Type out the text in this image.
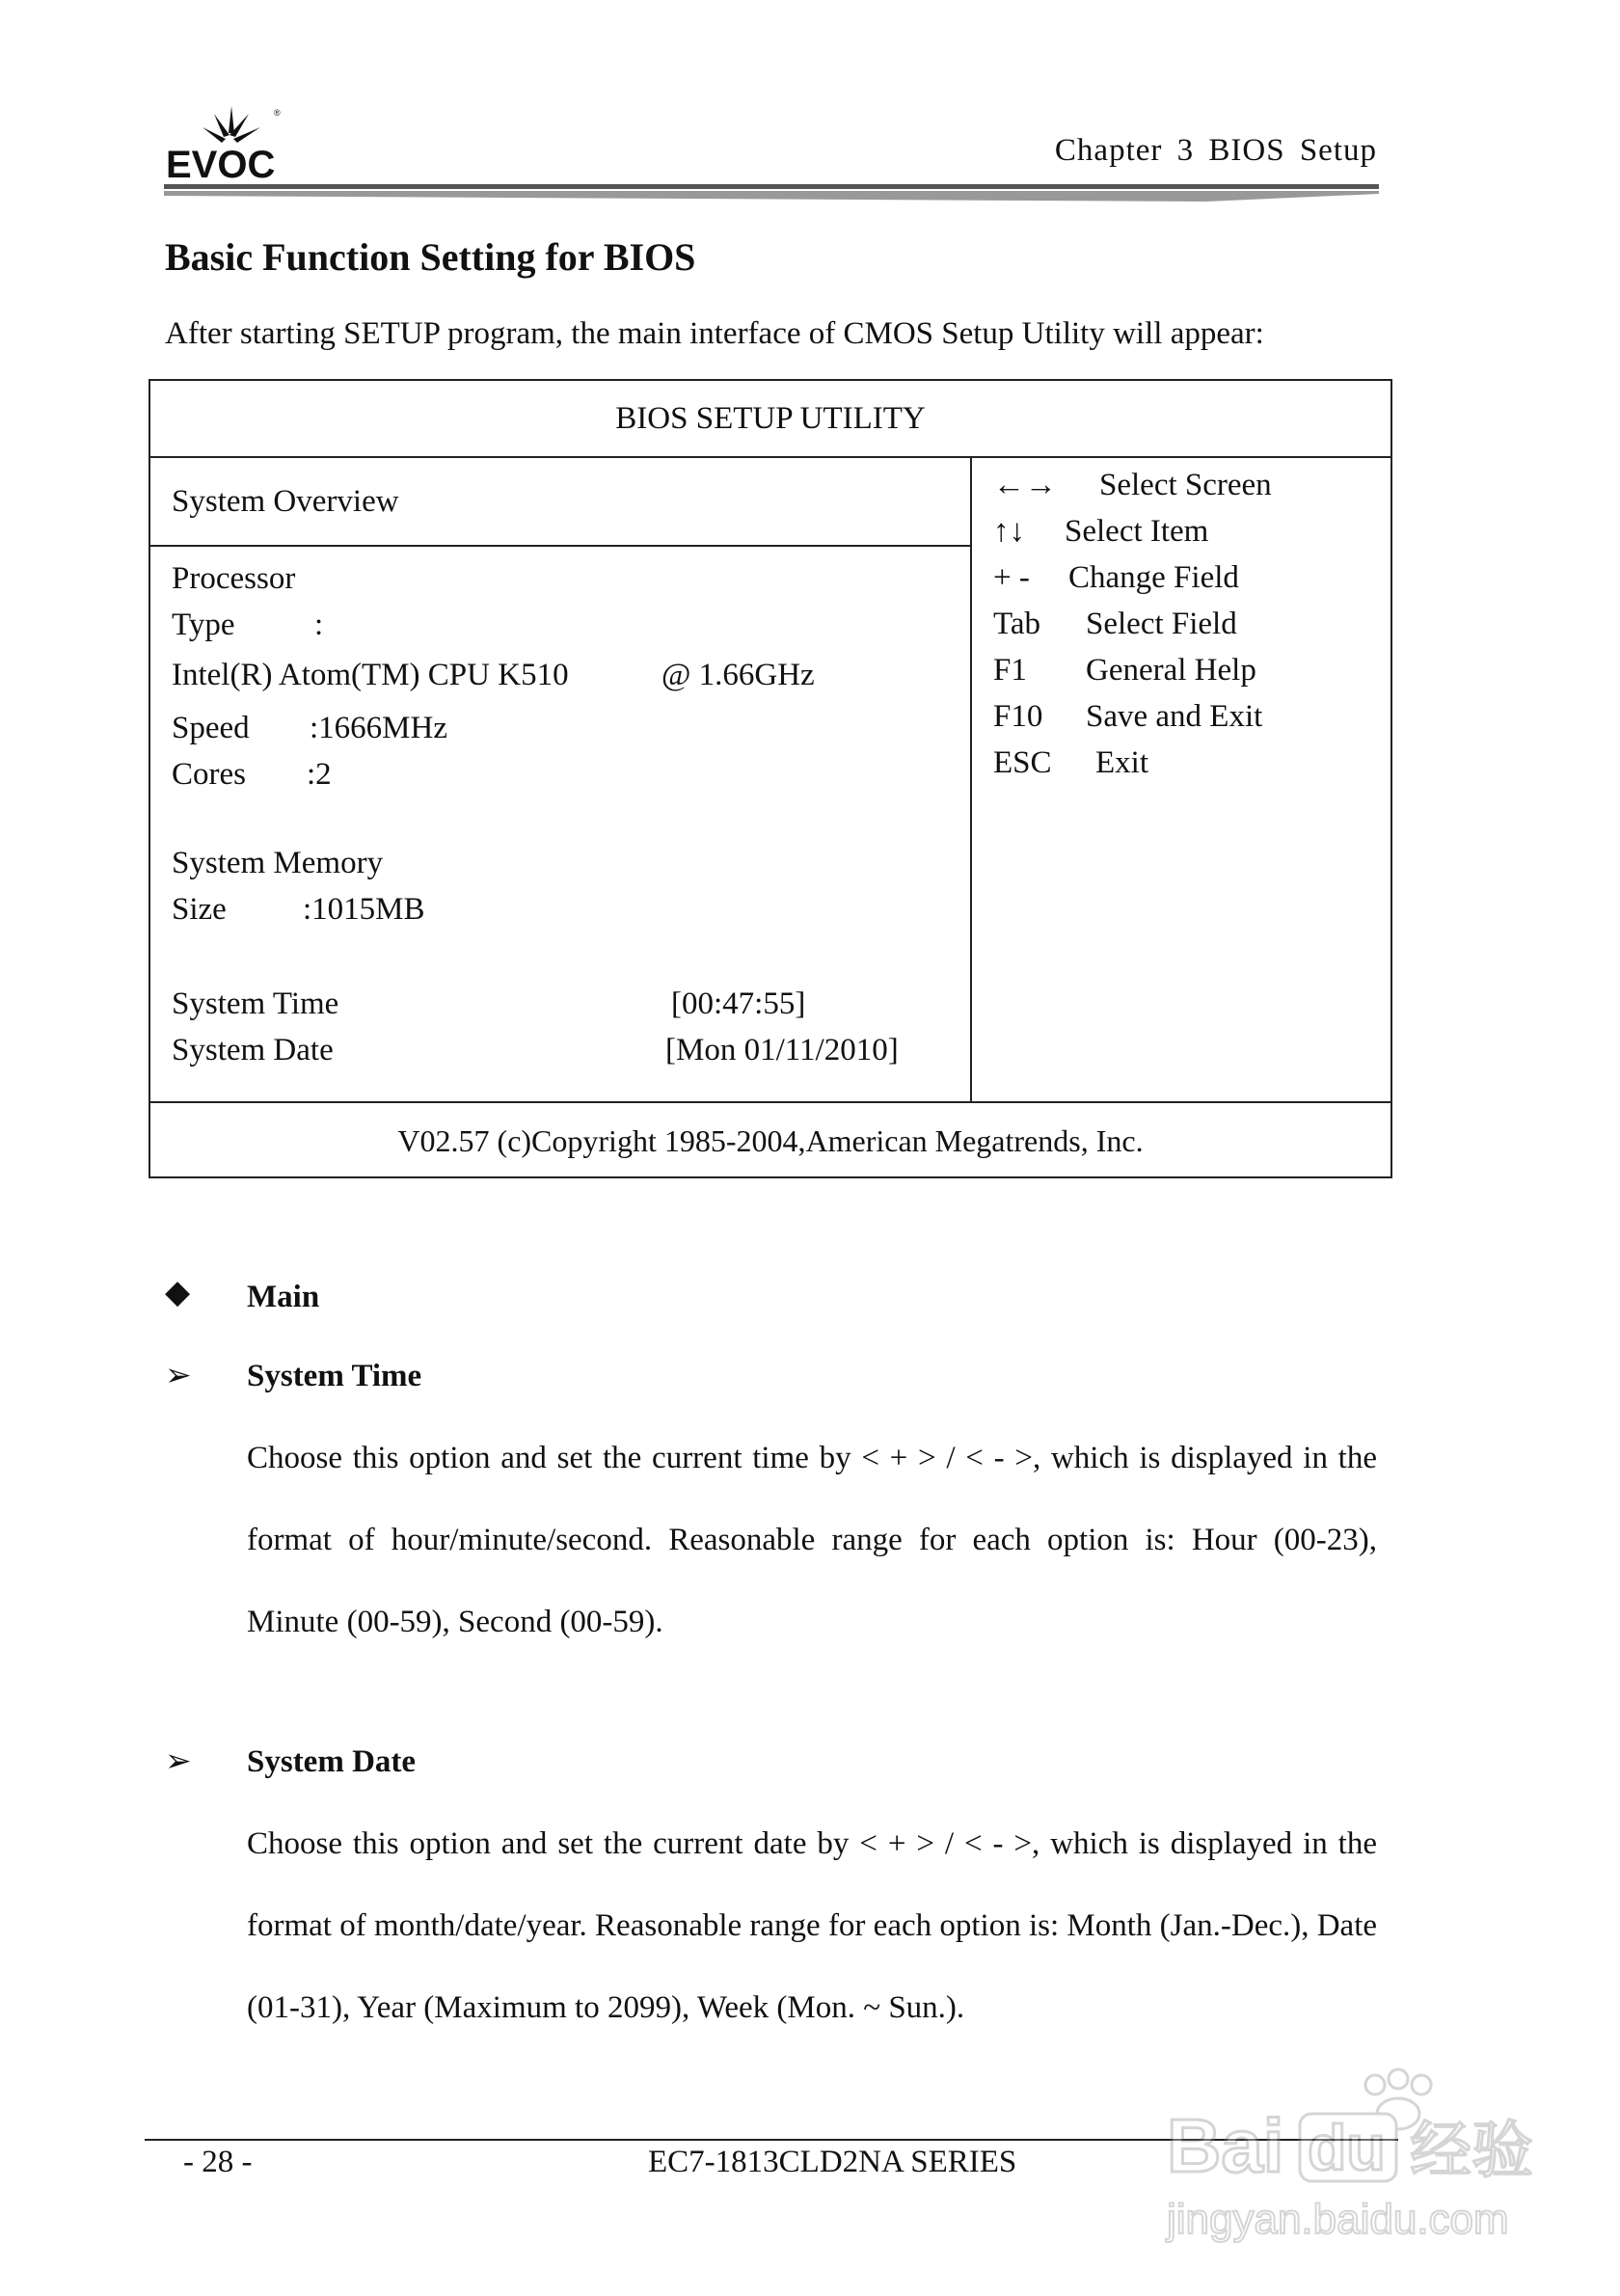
®
EVOC	Chapter 3 BIOS Setup
Basic Function Setting for BIOS
After starting SETUP program, the main interface of CMOS Setup Utility will appear:
BIOS SETUP UTILITY
System Overview
Processor
Type :
Intel(R) Atom(TM) CPU K510	@ 1.66GHz
Speed :1666MHz
Cores :2
System Memory
Size :1015MB
System Time	[00:47:55]
System Date	[Mon 01/11/2010]
←→ Select Screen
↑↓ Select Item
+ - Change Field
Tab Select Field
F1 General Help
F10 Save and Exit
ESC Exit
V02.57 (c)Copyright 1985-2004,American Megatrends, Inc.
◆ Main
➢ System Time
Choose this option and set the current time by < + > / < - >, which is displayed in the format of hour/minute/second. Reasonable range for each option is: Hour (00-23), Minute (00-59), Second (00-59).
➢ System Date
Choose this option and set the current date by < + > / < - >, which is displayed in the format of month/date/year. Reasonable range for each option is: Month (Jan.-Dec.), Date (01-31), Year (Maximum to 2099), Week (Mon. ~ Sun.).
- 28 -	EC7-1813CLD2NA SERIES Bai du 经验
jingyan.baidu.com
